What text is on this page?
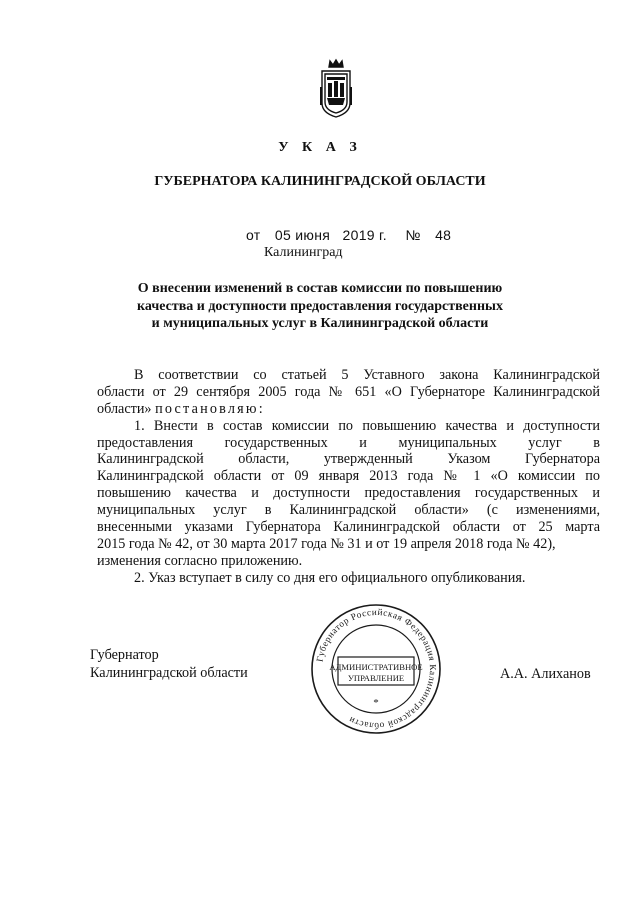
У К А З
ГУБЕРНАТОРА КАЛИНИНГРАДСКОЙ ОБЛАСТИ
от 05 июня 2019 г. № 48
Калининград
О внесении изменений в состав комиссии по повышению
качества и доступности предоставления государственных
и муниципальных услуг в Калининградской области
В соответствии со статьей 5 Уставного закона Калининградской
области от 29 сентября 2005 года № 651 «О Губернаторе Калининградской
области» постановляю:
1. Внести в состав комиссии по повышению качества и доступности
предоставления государственных и муниципальных услуг в
Калининградской области, утвержденный Указом Губернатора
Калининградской области от 09 января 2013 года № 1 «О комиссии по
повышению качества и доступности предоставления государственных и
муниципальных услуг в Калининградской области» (с изменениями,
внесенными указами Губернатора Калининградской области от 25 марта
2015 года № 42, от 30 марта 2017 года № 31 и от 19 апреля 2018 года № 42),
изменения согласно приложению.
2. Указ вступает в силу со дня его официального опубликования.
Губернатор
Калининградской области	А.А. Алиханов
Губернатор Российская Федерация Калининградской области
АДМИНИСТРАТИВНОЕ
УПРАВЛЕНИЕ
*
